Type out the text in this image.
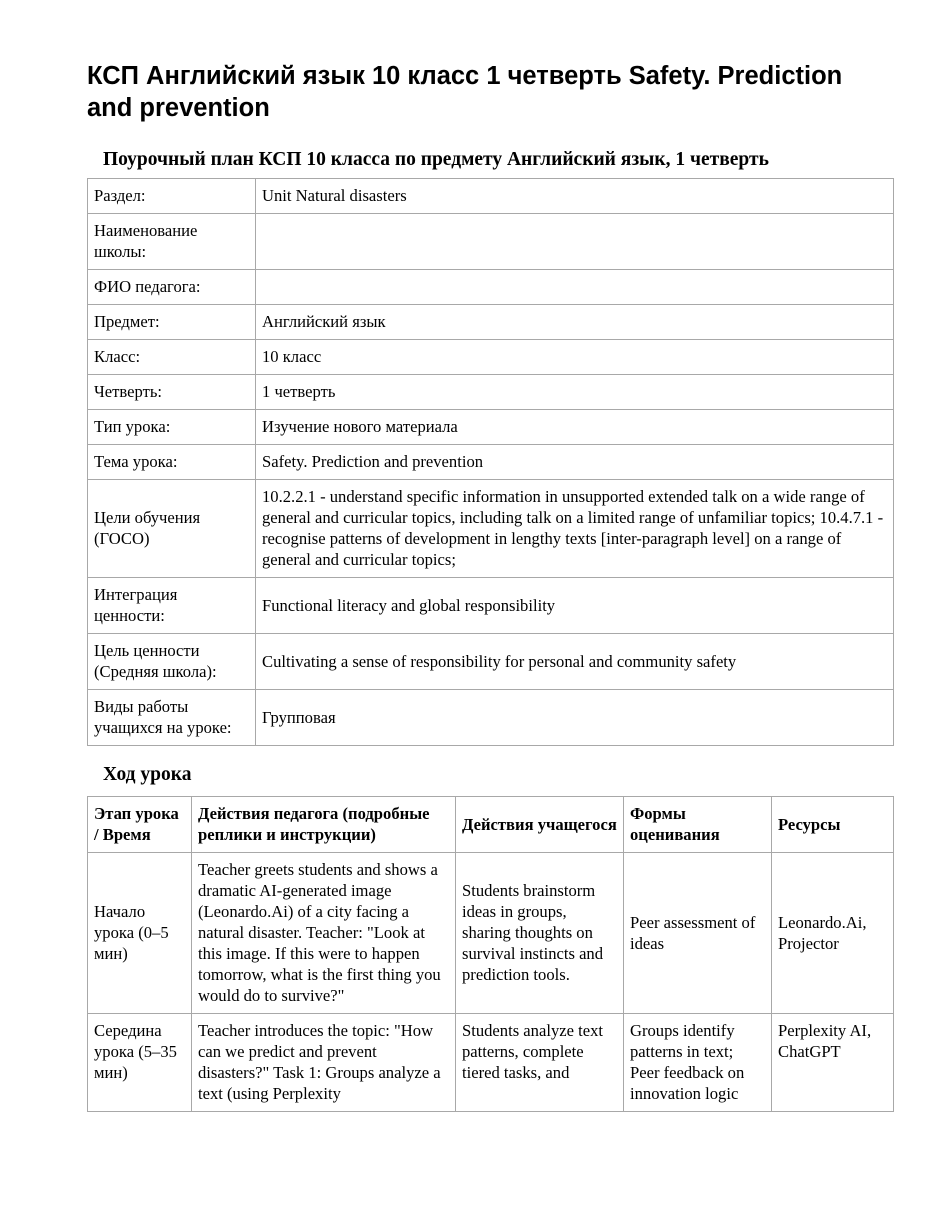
КСП Английский язык 10 класс 1 четверть Safety. Prediction and prevention
Поурочный план КСП 10 класса по предмету Английский язык, 1 четверть
Раздел:	Unit Natural disasters
Наименование школы:	
ФИО педагога:	
Предмет:	Английский язык
Класс:	10 класс
Четверть:	1 четверть
Тип урока:	Изучение нового материала
Тема урока:	Safety. Prediction and prevention
Цели обучения (ГОСО)	10.2.2.1 - understand specific information in unsupported extended talk on a wide range of general and curricular topics, including talk on a limited range of unfamiliar topics; 10.4.7.1 - recognise patterns of development in lengthy texts [inter-paragraph level] on a range of general and curricular topics;
Интеграция ценности:	Functional literacy and global responsibility
Цель ценности (Средняя школа):	Cultivating a sense of responsibility for personal and community safety
Виды работы учащихся на уроке:	Групповая
Ход урока
Этап урока / Время	Действия педагога (подробные реплики и инструкции)	Действия учащегося	Формы оценивания	Ресурсы
Начало урока (0–5 мин)	Teacher greets students and shows a dramatic AI-generated image (Leonardo.Ai) of a city facing a natural disaster. Teacher: "Look at this image. If this were to happen tomorrow, what is the first thing you would do to survive?"	Students brainstorm ideas in groups, sharing thoughts on survival instincts and prediction tools.	Peer assessment of ideas	Leonardo.Ai, Projector
Середина урока (5–35 мин)	Teacher introduces the topic: "How can we predict and prevent disasters?" Task 1: Groups analyze a text (using Perplexity	Students analyze text patterns, complete tiered tasks, and	Groups identify patterns in text; Peer feedback on innovation logic	Perplexity AI, ChatGPT
